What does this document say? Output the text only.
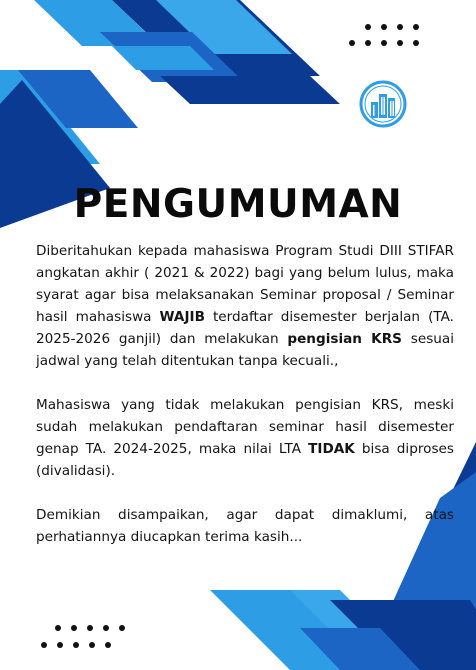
PENGUMUMAN

Diberitahukan kepada mahasiswa Program Studi DIII STIFAR angkatan akhir ( 2021 & 2022) bagi yang belum lulus, maka syarat agar bisa melaksanakan Seminar proposal / Seminar hasil mahasiswa WAJIB terdaftar disemester berjalan (TA. 2025-2026 ganjil) dan melakukan pengisian KRS sesuai jadwal yang telah ditentukan tanpa kecuali.,

Mahasiswa yang tidak melakukan pengisian KRS, meski sudah melakukan pendaftaran seminar hasil disemester genap TA. 2024-2025, maka nilai LTA TIDAK bisa diproses (divalidasi).

Demikian disampaikan, agar dapat dimaklumi, atas perhatiannya diucapkan terima kasih...
